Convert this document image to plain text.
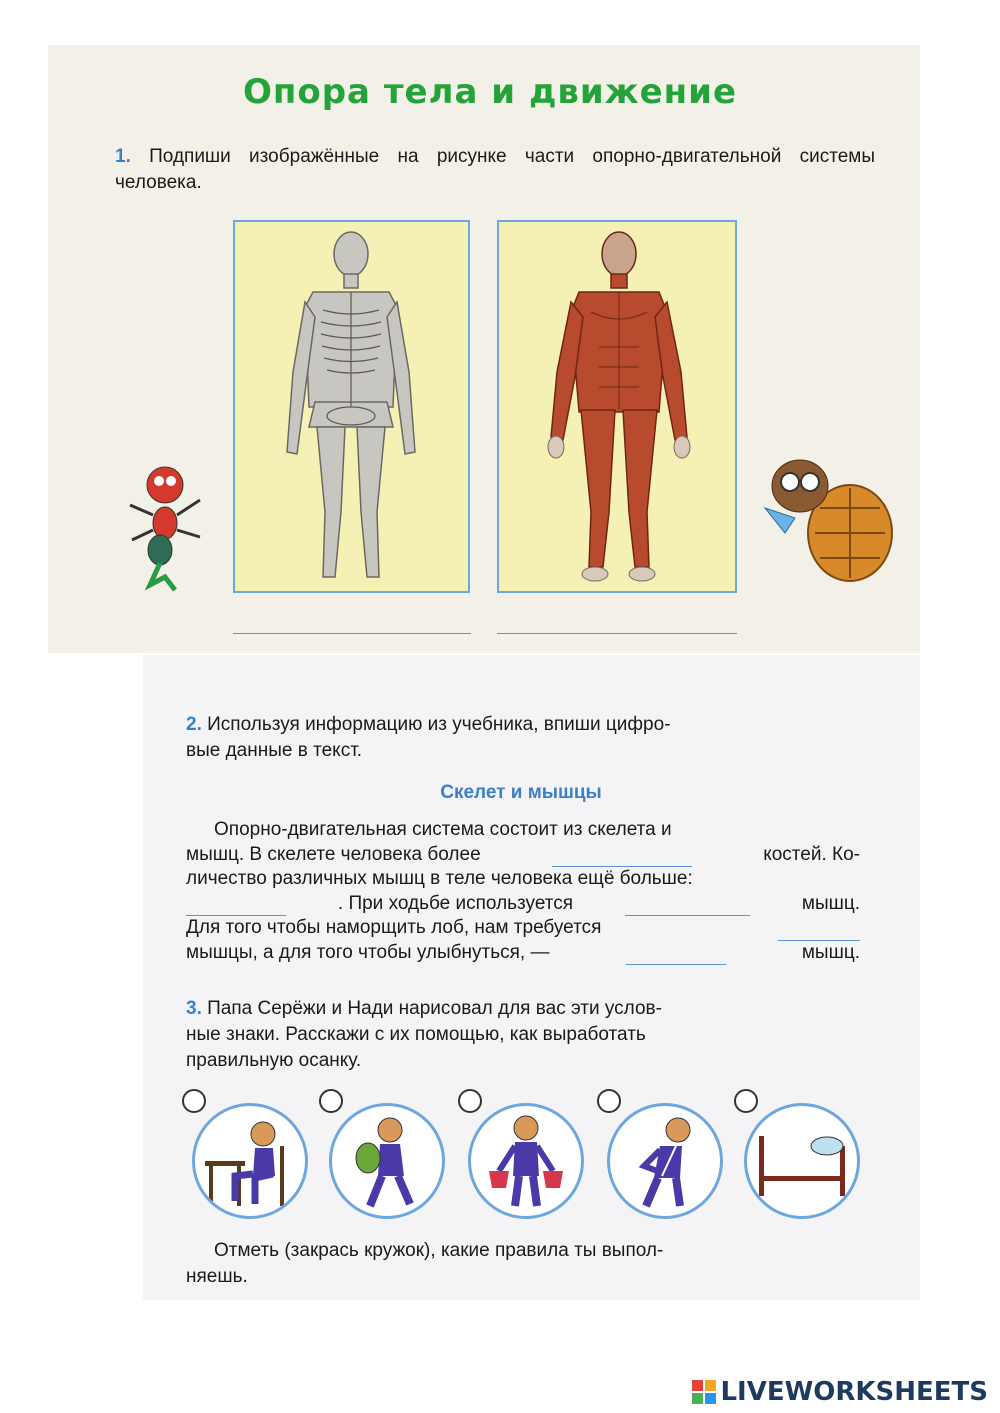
Опора тела и движение
1. Подпиши изображённые на рисунке части опорно-двигательной системы человека.
2. Используя информацию из учебника, впиши цифро-
вые данные в текст.
Скелет и мышцы
Опорно-двигательная система состоит из скелета и
мышц. В скелете человека более	костей. Ко-
личество различных мышц в теле человека ещё больше:
. При ходьбе используется	мышц.
Для того чтобы наморщить лоб, нам требуется
мышцы, а для того чтобы улыбнуться, —	мышц.
3. Папа Серёжи и Нади нарисовал для вас эти услов-
ные знаки. Расскажи с их помощью, как выработать
правильную осанку.
Отметь (закрась кружок), какие правила ты выпол-
няешь.
LIVEWORKSHEETS
